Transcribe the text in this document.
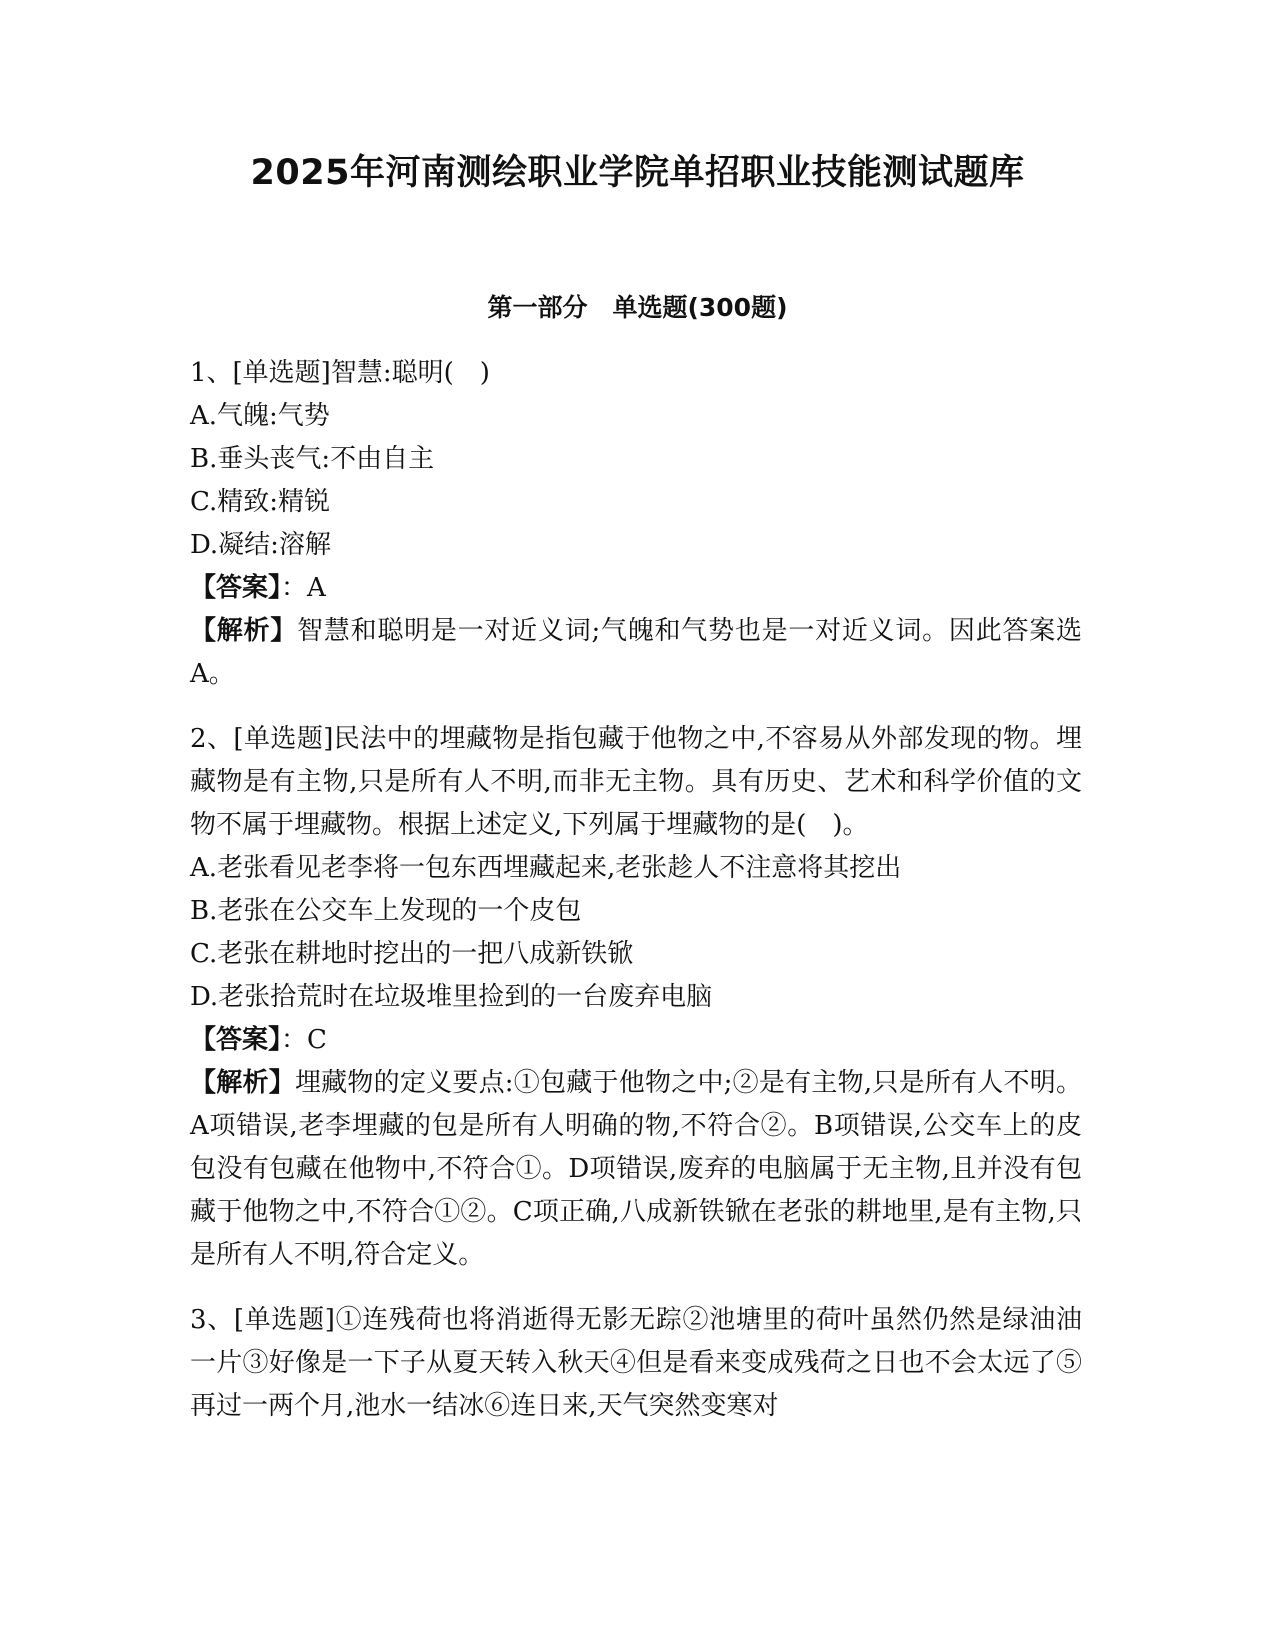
2025年河南测绘职业学院单招职业技能测试题库
第一部分　单选题(300题)
1、[单选题]智慧:聪明(　)
A.气魄:气势
B.垂头丧气:不由自主
C.精致:精锐
D.凝结:溶解
【答案】：A
【解析】智慧和聪明是一对近义词;气魄和气势也是一对近义词。因此答案选A。
2、[单选题]民法中的埋藏物是指包藏于他物之中,不容易从外部发现的物。埋藏物是有主物,只是所有人不明,而非无主物。具有历史、艺术和科学价值的文物不属于埋藏物。根据上述定义,下列属于埋藏物的是(　)。
A.老张看见老李将一包东西埋藏起来,老张趁人不注意将其挖出
B.老张在公交车上发现的一个皮包
C.老张在耕地时挖出的一把八成新铁锨
D.老张拾荒时在垃圾堆里捡到的一台废弃电脑
【答案】：C
【解析】埋藏物的定义要点:①包藏于他物之中;②是有主物,只是所有人不明。A项错误,老李埋藏的包是所有人明确的物,不符合②。B项错误,公交车上的皮包没有包藏在他物中,不符合①。D项错误,废弃的电脑属于无主物,且并没有包藏于他物之中,不符合①②。C项正确,八成新铁锨在老张的耕地里,是有主物,只是所有人不明,符合定义。
3、[单选题]①连残荷也将消逝得无影无踪②池塘里的荷叶虽然仍然是绿油油一片③好像是一下子从夏天转入秋天④但是看来变成残荷之日也不会太远了⑤再过一两个月,池水一结冰⑥连日来,天气突然变寒对
